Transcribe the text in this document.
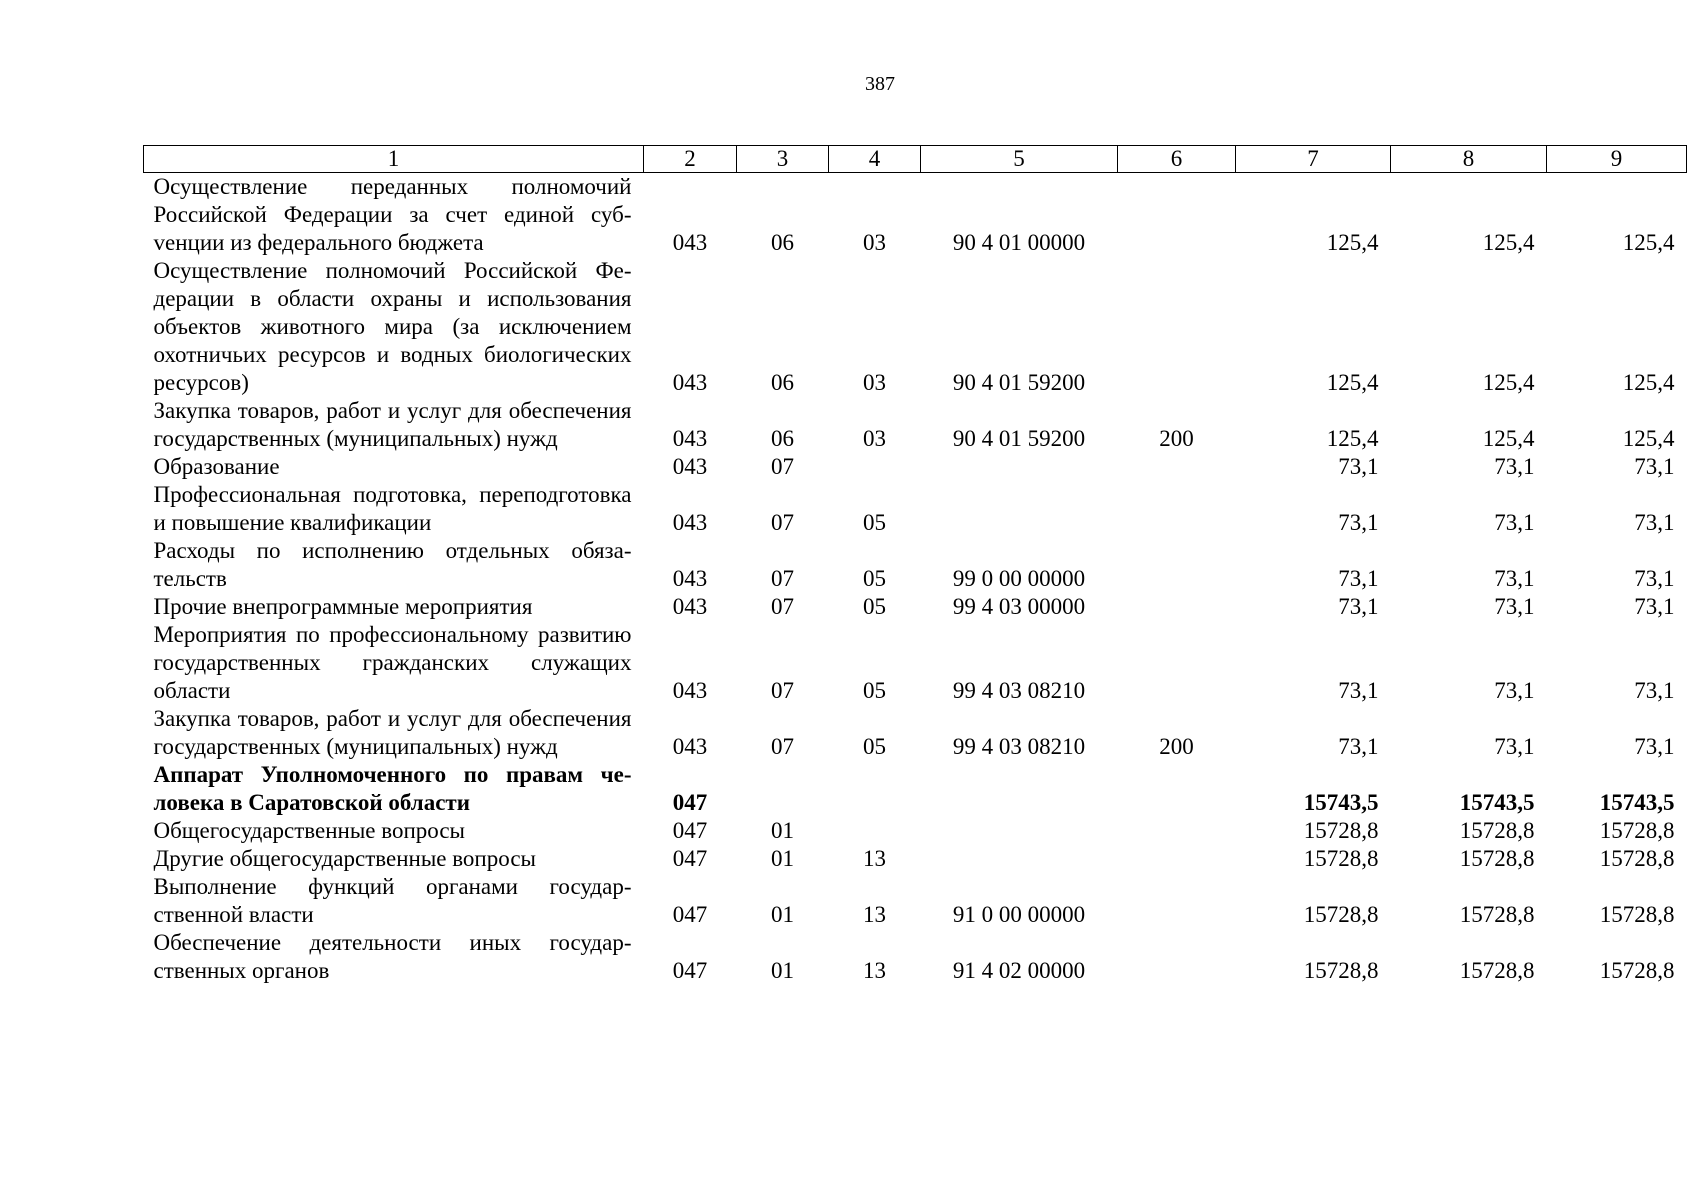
387
1	2	3	4	5	6	7	8	9
Осуществление переданных полномочий Российской Федерации за счет единой субvенции из федерального бюджета	043	06	03	90 4 01 00000		125,4	125,4	125,4
Осуществление полномочий Российской Федерации в области охраны и использования объектов животного мира (за исключением охотничьих ресурсов и водных биологических ресурсов)	043	06	03	90 4 01 59200		125,4	125,4	125,4
Закупка товаров, работ и услуг для обеспечения государственных (муниципальных) нужд	043	06	03	90 4 01 59200	200	125,4	125,4	125,4
Образование	043	07				73,1	73,1	73,1
Профессиональная подготовка, переподготовка и повышение квалификации	043	07	05			73,1	73,1	73,1
Расходы по исполнению отдельных обязательств	043	07	05	99 0 00 00000		73,1	73,1	73,1
Прочие внепрограммные мероприятия	043	07	05	99 4 03 00000		73,1	73,1	73,1
Мероприятия по профессиональному развитию государственных гражданских служащих области	043	07	05	99 4 03 08210		73,1	73,1	73,1
Закупка товаров, работ и услуг для обеспечения государственных (муниципальных) нужд	043	07	05	99 4 03 08210	200	73,1	73,1	73,1
Аппарат Уполномоченного по правам человека в Саратовской области	047					15743,5	15743,5	15743,5
Общегосударственные вопросы	047	01				15728,8	15728,8	15728,8
Другие общегосударственные вопросы	047	01	13			15728,8	15728,8	15728,8
Выполнение функций органами государственной власти	047	01	13	91 0 00 00000		15728,8	15728,8	15728,8
Обеспечение деятельности иных государственных органов	047	01	13	91 4 02 00000		15728,8	15728,8	15728,8
